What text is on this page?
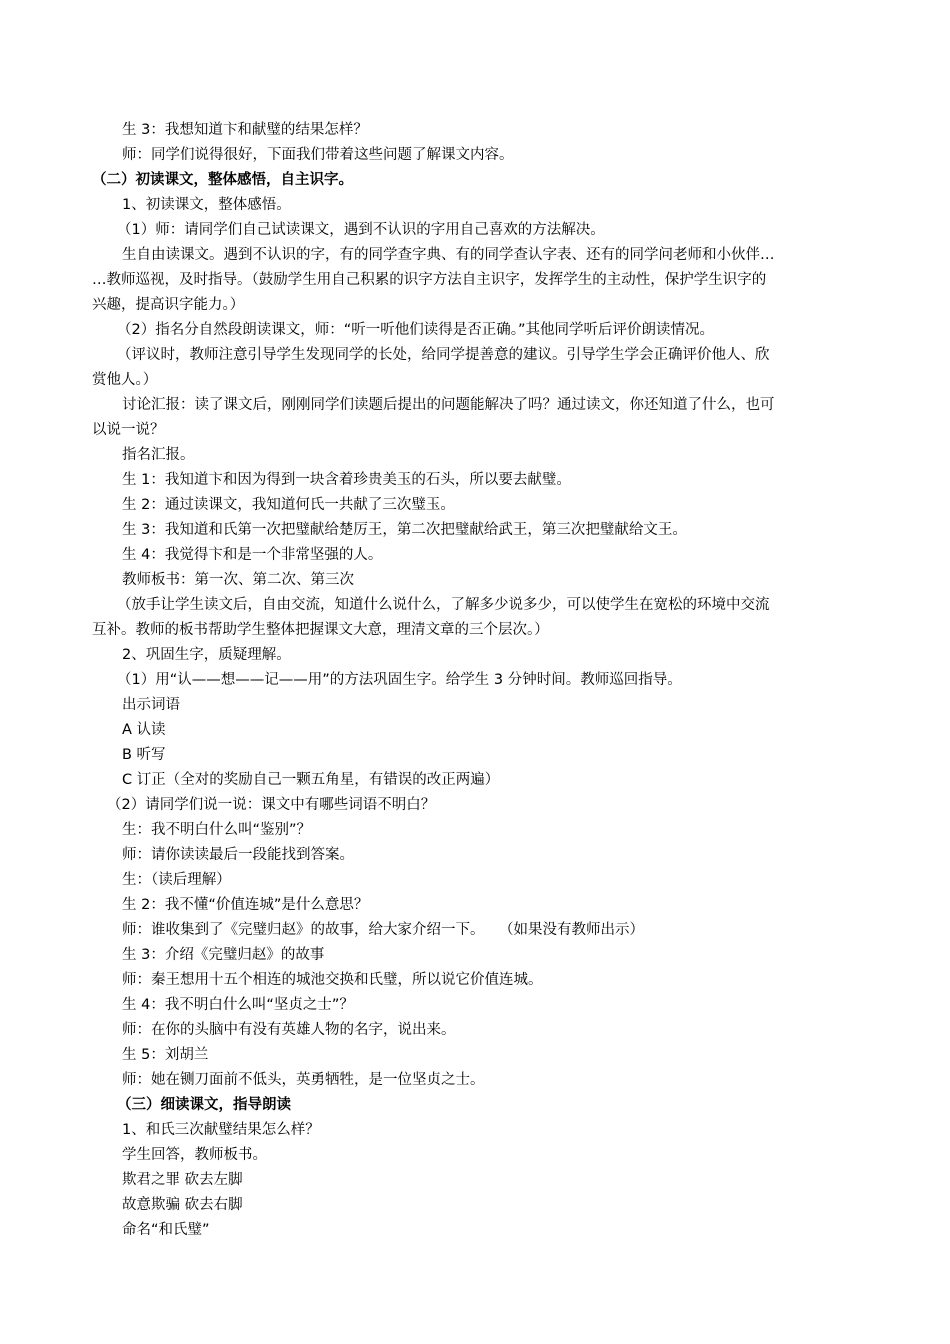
生 3：我想知道卞和献璧的结果怎样？
师：同学们说得很好，下面我们带着这些问题了解课文内容。
（二）初读课文，整体感悟，自主识字。
1、初读课文，整体感悟。
（1）师：请同学们自己试读课文，遇到不认识的字用自己喜欢的方法解决。
生自由读课文。遇到不认识的字，有的同学查字典、有的同学查认字表、还有的同学问老师和小伙伴…
…教师巡视，及时指导。（鼓励学生用自己积累的识字方法自主识字，发挥学生的主动性，保护学生识字的
兴趣，提高识字能力。）
（2）指名分自然段朗读课文，师：“听一听他们读得是否正确。”其他同学听后评价朗读情况。
（评议时，教师注意引导学生发现同学的长处，给同学提善意的建议。引导学生学会正确评价他人、欣
赏他人。）
讨论汇报：读了课文后，刚刚同学们读题后提出的问题能解决了吗？通过读文，你还知道了什么，也可
以说一说？
指名汇报。
生 1：我知道卞和因为得到一块含着珍贵美玉的石头，所以要去献璧。
生 2：通过读课文，我知道何氏一共献了三次璧玉。
生 3：我知道和氏第一次把璧献给楚厉王，第二次把璧献给武王，第三次把璧献给文王。
生 4：我觉得卞和是一个非常坚强的人。
教师板书：第一次、第二次、第三次
（放手让学生读文后，自由交流，知道什么说什么，了解多少说多少，可以使学生在宽松的环境中交流
互补。教师的板书帮助学生整体把握课文大意，理清文章的三个层次。）
2、巩固生字，质疑理解。
（1）用“认——想——记——用”的方法巩固生字。给学生 3 分钟时间。教师巡回指导。
出示词语
A 认读
B 听写
C 订正（全对的奖励自己一颗五角星，有错误的改正两遍）
（2）请同学们说一说：课文中有哪些词语不明白？
生：我不明白什么叫“鉴别”？
师：请你读读最后一段能找到答案。
生：（读后理解）
生 2：我不懂“价值连城”是什么意思？
师：谁收集到了《完璧归赵》的故事，给大家介绍一下。　　（如果没有教师出示）
生 3：介绍《完璧归赵》的故事
师：秦王想用十五个相连的城池交换和氏璧，所以说它价值连城。
生 4：我不明白什么叫“坚贞之士”？
师：在你的头脑中有没有英雄人物的名字，说出来。
生 5：刘胡兰
师：她在铡刀面前不低头，英勇牺牲，是一位坚贞之士。
（三）细读课文，指导朗读
1、和氏三次献璧结果怎么样？
学生回答，教师板书。
欺君之罪 砍去左脚
故意欺骗 砍去右脚
命名“和氏璧”
